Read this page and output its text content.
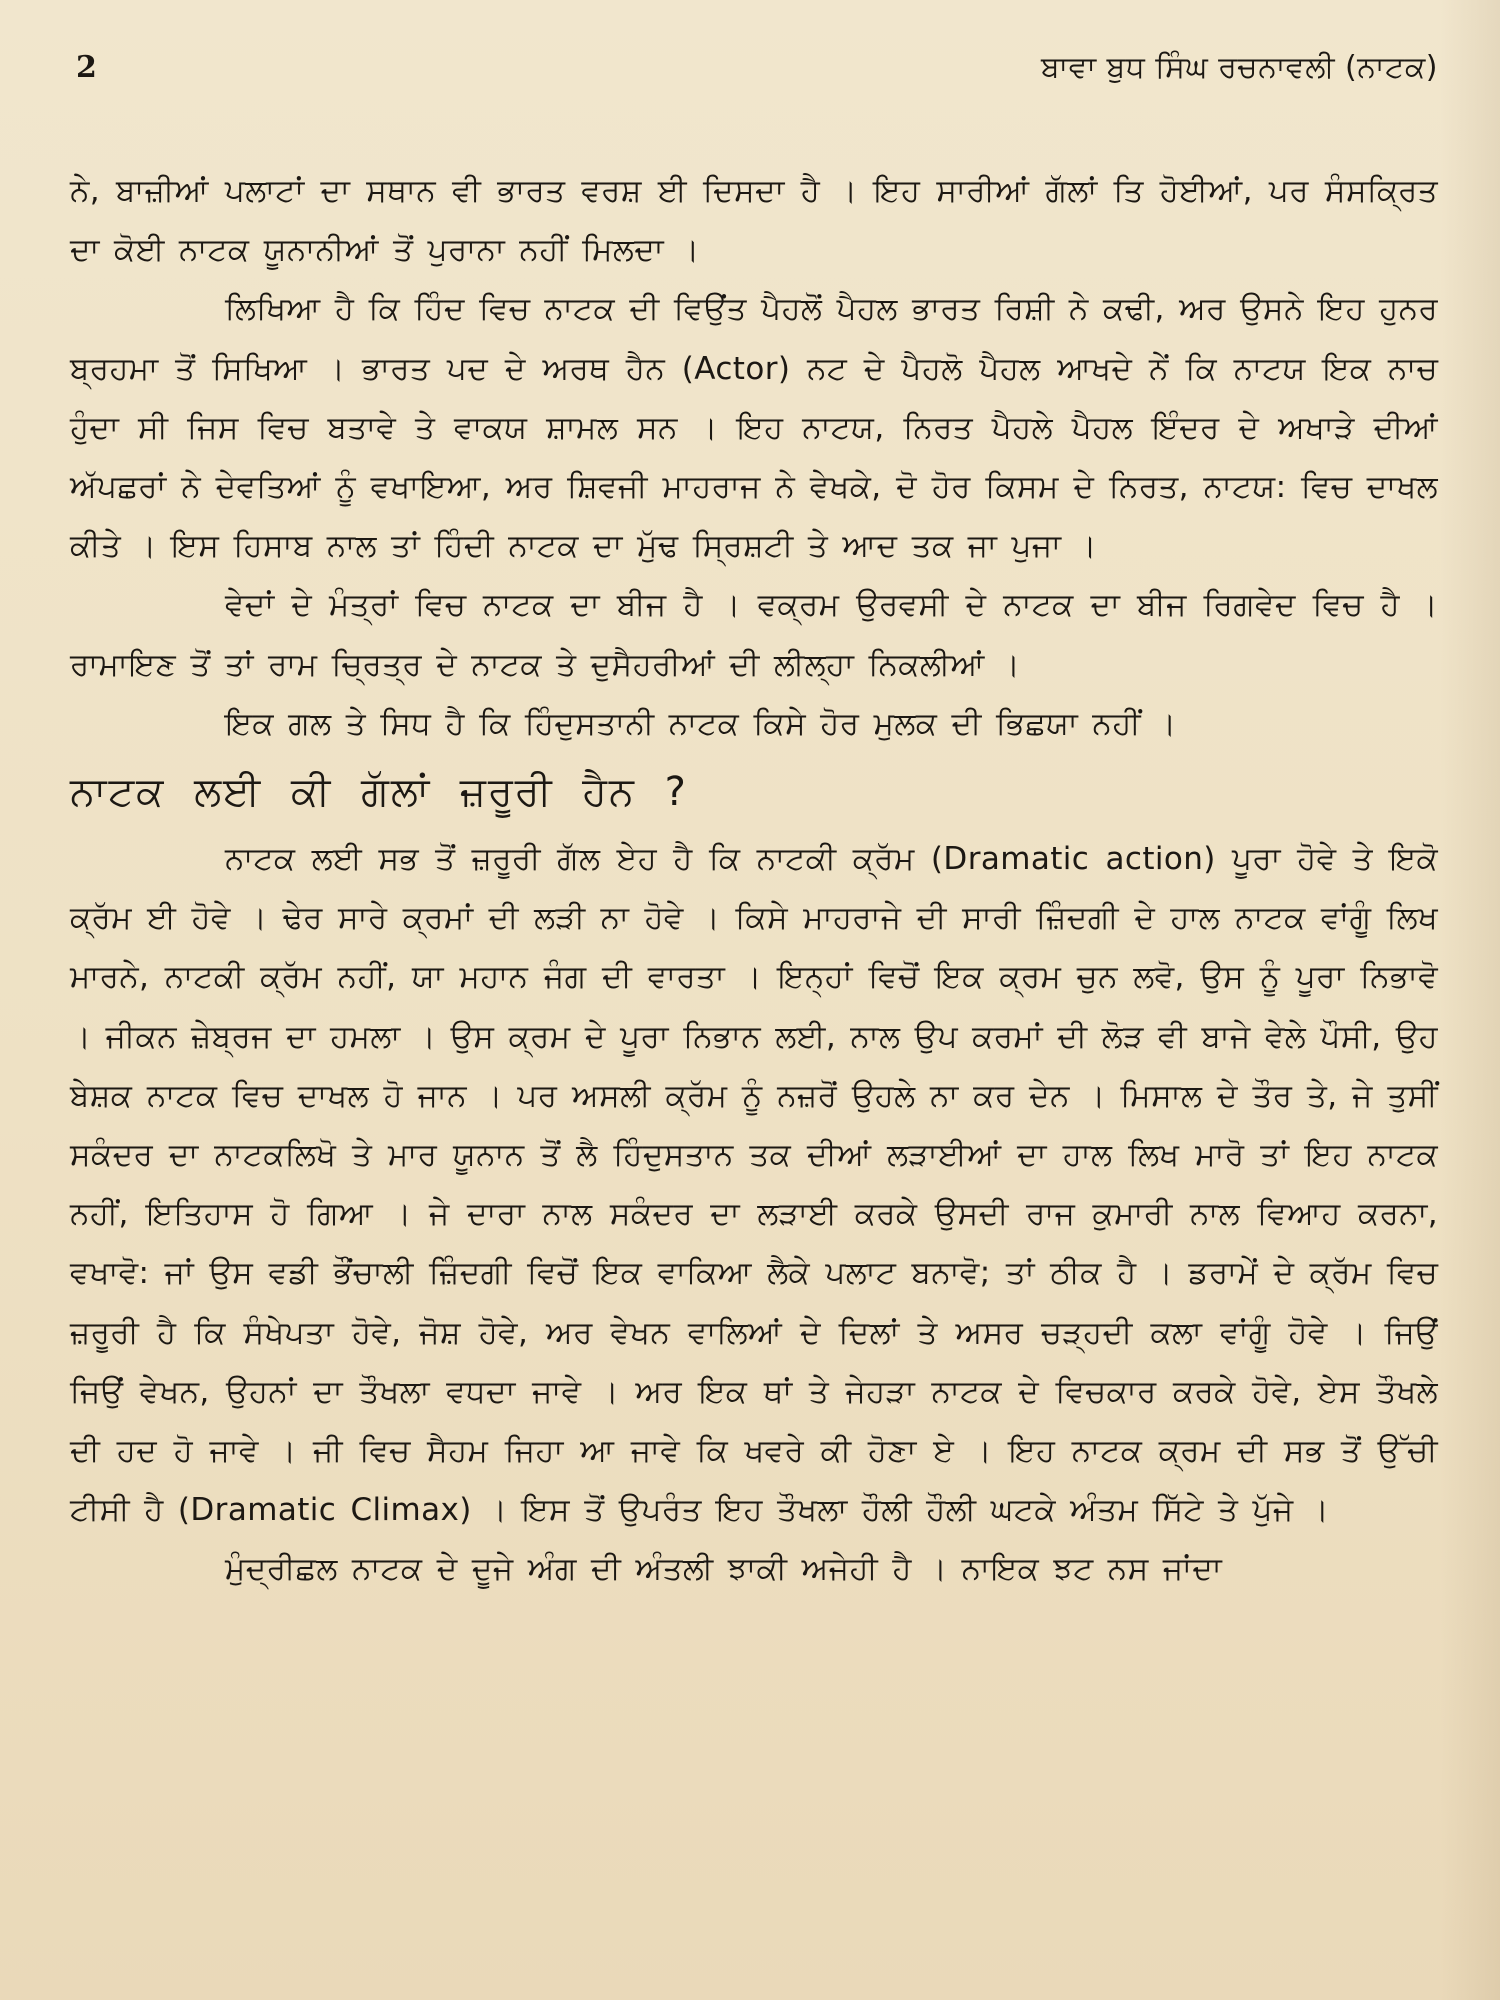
2	ਬਾਵਾ ਬੁਧ ਸਿੰਘ ਰਚਨਾਵਲੀ (ਨਾਟਕ)

ਨੇ, ਬਾਜ਼ੀਆਂ ਪਲਾਟਾਂ ਦਾ ਸਥਾਨ ਵੀ ਭਾਰਤ ਵਰਸ਼ ਈ ਦਿਸਦਾ ਹੈ । ਇਹ ਸਾਰੀਆਂ ਗੱਲਾਂ ਤਿ ਹੋਈਆਂ, ਪਰ ਸੰਸਕ੍ਰਿਤ ਦਾ ਕੋਈ ਨਾਟਕ ਯੂਨਾਨੀਆਂ ਤੋਂ ਪੁਰਾਨਾ ਨਹੀਂ ਮਿਲਦਾ ।

ਲਿਖਿਆ ਹੈ ਕਿ ਹਿੰਦ ਵਿਚ ਨਾਟਕ ਦੀ ਵਿਉਂਤ ਪੈਹਲੋਂ ਪੈਹਲ ਭਾਰਤ ਰਿਸ਼ੀ ਨੇ ਕਢੀ, ਅਰ ਉਸਨੇ ਇਹ ਹੁਨਰ ਬ੍ਰਹਮਾ ਤੋਂ ਸਿਖਿਆ । ਭਾਰਤ ਪਦ ਦੇ ਅਰਥ ਹੈਨ (Actor) ਨਟ ਦੇ ਪੈਹਲੋ ਪੈਹਲ ਆਖਦੇ ਨੇਂ ਕਿ ਨਾਟਯ ਇਕ ਨਾਚ ਹੁੰਦਾ ਸੀ ਜਿਸ ਵਿਚ ਬਤਾਵੇ ਤੇ ਵਾਕਯ ਸ਼ਾਮਲ ਸਨ । ਇਹ ਨਾਟਯ, ਨਿਰਤ ਪੈਹਲੇ ਪੈਹਲ ਇੰਦਰ ਦੇ ਅਖਾੜੇ ਦੀਆਂ ਅੱਪਛਰਾਂ ਨੇ ਦੇਵਤਿਆਂ ਨੂੰ ਵਖਾਇਆ, ਅਰ ਸ਼ਿਵਜੀ ਮਾਹਰਾਜ ਨੇ ਵੇਖਕੇ, ਦੋ ਹੋਰ ਕਿਸਮ ਦੇ ਨਿਰਤ, ਨਾਟਯ: ਵਿਚ ਦਾਖਲ ਕੀਤੇ । ਇਸ ਹਿਸਾਬ ਨਾਲ ਤਾਂ ਹਿੰਦੀ ਨਾਟਕ ਦਾ ਮੁੱਢ ਸ੍ਰਿਸ਼ਟੀ ਤੇ ਆਦ ਤਕ ਜਾ ਪੁਜਾ ।

ਵੇਦਾਂ ਦੇ ਮੰਤ੍ਰਾਂ ਵਿਚ ਨਾਟਕ ਦਾ ਬੀਜ ਹੈ । ਵਕ੍ਰਮ ਉਰਵਸੀ ਦੇ ਨਾਟਕ ਦਾ ਬੀਜ ਰਿਗਵੇਦ ਵਿਚ ਹੈ । ਰਾਮਾਇਣ ਤੋਂ ਤਾਂ ਰਾਮ ਚ੍ਰਿਤ੍ਰ ਦੇ ਨਾਟਕ ਤੇ ਦੁਸੈਹਰੀਆਂ ਦੀ ਲੀਲ੍ਹਾ ਨਿਕਲੀਆਂ ।

ਇਕ ਗਲ ਤੇ ਸਿਧ ਹੈ ਕਿ ਹਿੰਦੁਸਤਾਨੀ ਨਾਟਕ ਕਿਸੇ ਹੋਰ ਮੁਲਕ ਦੀ ਭਿਛਯਾ ਨਹੀਂ ।

ਨਾਟਕ ਲਈ ਕੀ ਗੱਲਾਂ ਜ਼ਰੂਰੀ ਹੈਨ ?

ਨਾਟਕ ਲਈ ਸਭ ਤੋਂ ਜ਼ਰੂਰੀ ਗੱਲ ਏਹ ਹੈ ਕਿ ਨਾਟਕੀ ਕ੍ਰੱਮ (Dramatic action) ਪੂਰਾ ਹੋਵੇ ਤੇ ਇਕੋ ਕ੍ਰੱਮ ਈ ਹੋਵੇ । ਢੇਰ ਸਾਰੇ ਕ੍ਰਮਾਂ ਦੀ ਲੜੀ ਨਾ ਹੋਵੇ । ਕਿਸੇ ਮਾਹਰਾਜੇ ਦੀ ਸਾਰੀ ਜ਼ਿੰਦਗੀ ਦੇ ਹਾਲ ਨਾਟਕ ਵਾਂਗੂੰ ਲਿਖ ਮਾਰਨੇ, ਨਾਟਕੀ ਕ੍ਰੱਮ ਨਹੀਂ, ਯਾ ਮਹਾਨ ਜੰਗ ਦੀ ਵਾਰਤਾ । ਇਨ੍ਹਾਂ ਵਿਚੋਂ ਇਕ ਕ੍ਰਮ ਚੁਨ ਲਵੋ, ਉਸ ਨੂੰ ਪੂਰਾ ਨਿਭਾਵੋ । ਜੀਕਨ ਜ਼ੇਬ੍ਰਜ ਦਾ ਹਮਲਾ । ਉਸ ਕ੍ਰਮ ਦੇ ਪੂਰਾ ਨਿਭਾਨ ਲਈ, ਨਾਲ ਉਪ ਕਰਮਾਂ ਦੀ ਲੋੜ ਵੀ ਬਾਜੇ ਵੇਲੇ ਪੌਸੀ, ਉਹ ਬੇਸ਼ਕ ਨਾਟਕ ਵਿਚ ਦਾਖਲ ਹੋ ਜਾਨ । ਪਰ ਅਸਲੀ ਕ੍ਰੱਮ ਨੂੰ ਨਜ਼ਰੋਂ ਉਹਲੇ ਨਾ ਕਰ ਦੇਨ । ਮਿਸਾਲ ਦੇ ਤੌਰ ਤੇ, ਜੇ ਤੁਸੀਂ ਸਕੰਦਰ ਦਾ ਨਾਟਕਲਿਖੋ ਤੇ ਮਾਰ ਯੂਨਾਨ ਤੋਂ ਲੈ ਹਿੰਦੁਸਤਾਨ ਤਕ ਦੀਆਂ ਲੜਾਈਆਂ ਦਾ ਹਾਲ ਲਿਖ ਮਾਰੋ ਤਾਂ ਇਹ ਨਾਟਕ ਨਹੀਂ, ਇਤਿਹਾਸ ਹੋ ਗਿਆ । ਜੇ ਦਾਰਾ ਨਾਲ ਸਕੰਦਰ ਦਾ ਲੜਾਈ ਕਰਕੇ ਉਸਦੀ ਰਾਜ ਕੁਮਾਰੀ ਨਾਲ ਵਿਆਹ ਕਰਨਾ, ਵਖਾਵੋ: ਜਾਂ ਉਸ ਵਡੀ ਭੌਂਚਾਲੀ ਜ਼ਿੰਦਗੀ ਵਿਚੋਂ ਇਕ ਵਾਕਿਆ ਲੈਕੇ ਪਲਾਟ ਬਨਾਵੋ; ਤਾਂ ਠੀਕ ਹੈ । ਡਰਾਮੇਂ ਦੇ ਕ੍ਰੱਮ ਵਿਚ ਜ਼ਰੂਰੀ ਹੈ ਕਿ ਸੰਖੇਪਤਾ ਹੋਵੇ, ਜੋਸ਼ ਹੋਵੇ, ਅਰ ਵੇਖਨ ਵਾਲਿਆਂ ਦੇ ਦਿਲਾਂ ਤੇ ਅਸਰ ਚੜ੍ਹਦੀ ਕਲਾ ਵਾਂਗੂੰ ਹੋਵੇ । ਜਿਉਂ ਜਿਉਂ ਵੇਖਨ, ਉਹਨਾਂ ਦਾ ਤੌਖਲਾ ਵਧਦਾ ਜਾਵੇ । ਅਰ ਇਕ ਥਾਂ ਤੇ ਜੇਹੜਾ ਨਾਟਕ ਦੇ ਵਿਚਕਾਰ ਕਰਕੇ ਹੋਵੇ, ਏਸ ਤੌਖਲੇ ਦੀ ਹਦ ਹੋ ਜਾਵੇ । ਜੀ ਵਿਚ ਸੈਹਮ ਜਿਹਾ ਆ ਜਾਵੇ ਕਿ ਖਵਰੇ ਕੀ ਹੋਣਾ ਏ । ਇਹ ਨਾਟਕ ਕ੍ਰਮ ਦੀ ਸਭ ਤੋਂ ਉੱਚੀ ਟੀਸੀ ਹੈ (Dramatic Climax) । ਇਸ ਤੋਂ ਉਪਰੰਤ ਇਹ ਤੌਖਲਾ ਹੌਲੀ ਹੌਲੀ ਘਟਕੇ ਅੰਤਮ ਸਿੱਟੇ ਤੇ ਪੁੱਜੇ ।

ਮੁੰਦ੍ਰੀਛਲ ਨਾਟਕ ਦੇ ਦੂਜੇ ਅੰਗ ਦੀ ਅੰਤਲੀ ਝਾਕੀ ਅਜੇਹੀ ਹੈ । ਨਾਇਕ ਝਟ ਨਸ ਜਾਂਦਾ
